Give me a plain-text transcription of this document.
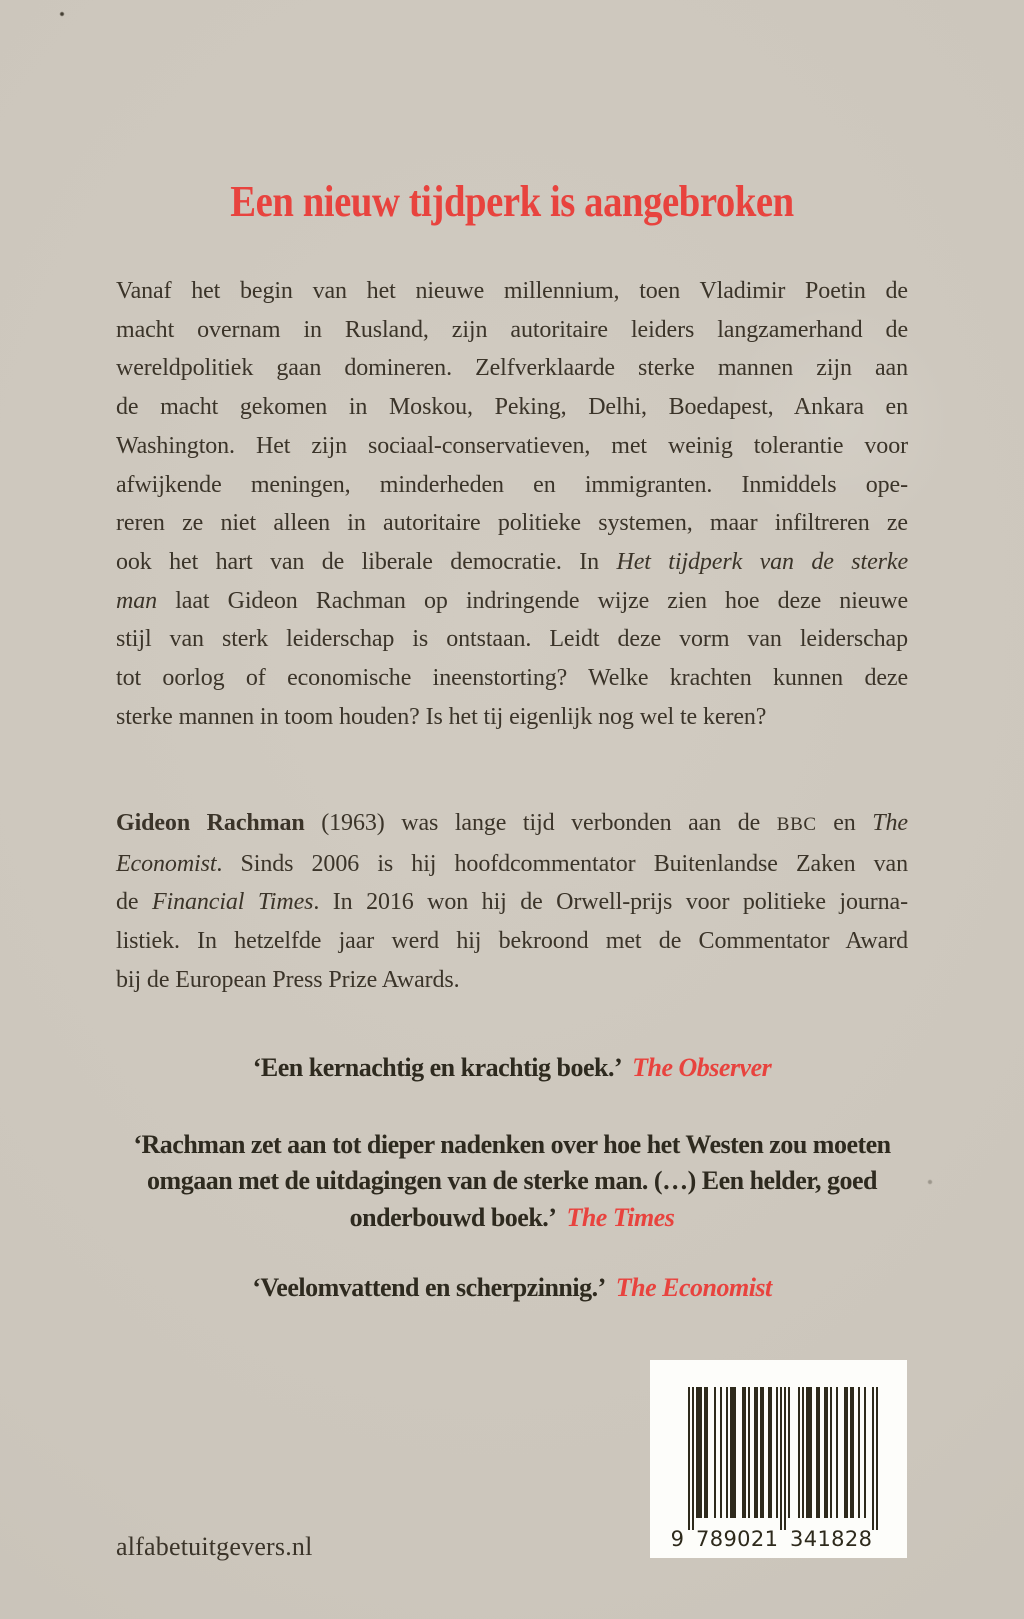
Een nieuw tijdperk is aangebroken
Vanaf het begin van het nieuwe millennium, toen Vladimir Poetin de
macht overnam in Rusland, zijn autoritaire leiders langzamerhand de
wereldpolitiek gaan domineren. Zelfverklaarde sterke mannen zijn aan
de macht gekomen in Moskou, Peking, Delhi, Boedapest, Ankara en
Washington. Het zijn sociaal-conservatieven, met weinig tolerantie voor
afwijkende meningen, minderheden en immigranten. Inmiddels ope-
reren ze niet alleen in autoritaire politieke systemen, maar infiltreren ze
ook het hart van de liberale democratie. In Het tijdperk van de sterke
man laat Gideon Rachman op indringende wijze zien hoe deze nieuwe
stijl van sterk leiderschap is ontstaan. Leidt deze vorm van leiderschap
tot oorlog of economische ineenstorting? Welke krachten kunnen deze
sterke mannen in toom houden? Is het tij eigenlijk nog wel te keren?
Gideon Rachman (1963) was lange tijd verbonden aan de BBC en The
Economist. Sinds 2006 is hij hoofdcommentator Buitenlandse Zaken van
de Financial Times. In 2016 won hij de Orwell-prijs voor politieke journa-
listiek. In hetzelfde jaar werd hij bekroond met de Commentator Award
bij de European Press Prize Awards.

‘Een kernachtig en krachtig boek.’ The Observer

‘Rachman zet aan tot dieper nadenken over hoe het Westen zou moeten omgaan met de uitdagingen van de sterke man. (…) Een helder, goed onderbouwd boek.’ The Times

‘Veelomvattend en scherpzinnig.’ The Economist

9 789021 341828
alfabetuitgevers.nl
